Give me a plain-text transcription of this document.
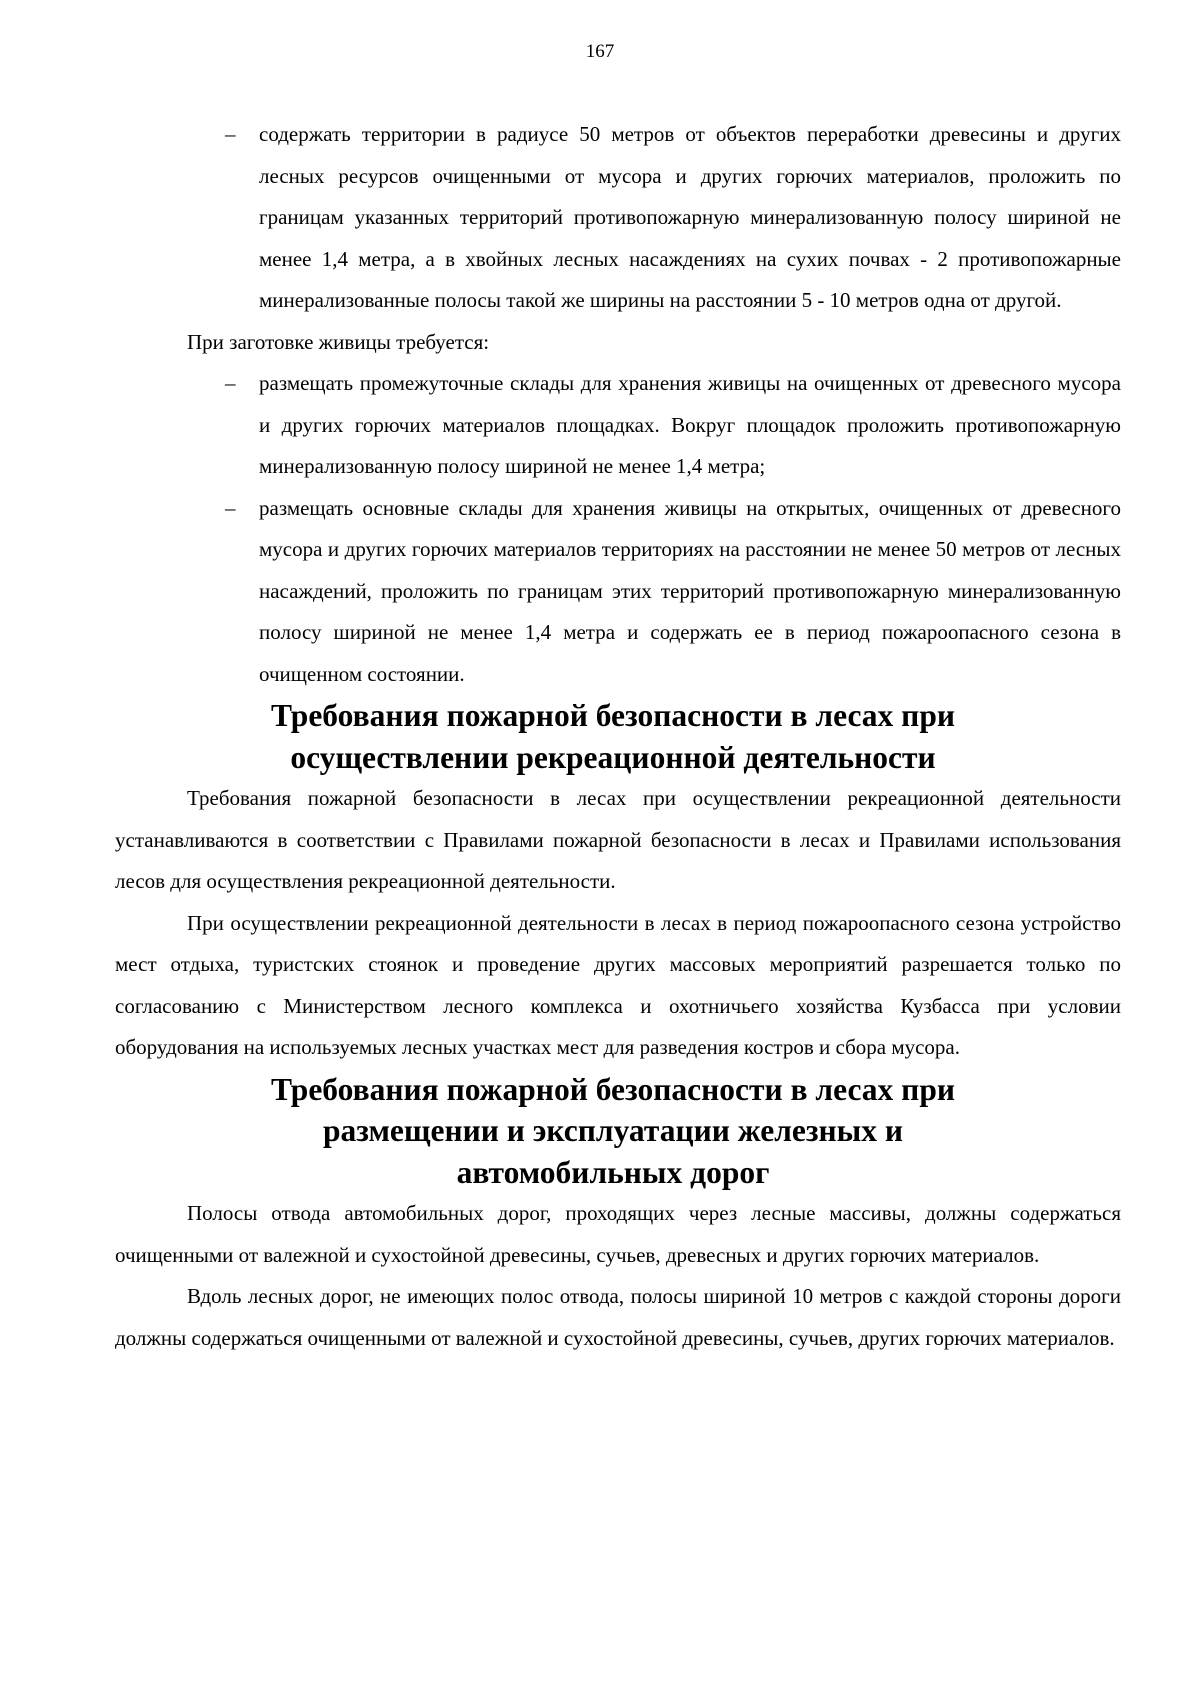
167
– содержать территории в радиусе 50 метров от объектов переработки древесины и других лесных ресурсов очищенными от мусора и других горючих материалов, проложить по границам указанных территорий противопожарную минерализованную полосу шириной не менее 1,4 метра, а в хвойных лесных насаждениях на сухих почвах - 2 противопожарные минерализованные полосы такой же ширины на расстоянии 5 - 10 метров одна от другой.

При заготовке живицы требуется:

– размещать промежуточные склады для хранения живицы на очищенных от древесного мусора и других горючих материалов площадках. Вокруг площадок проложить противопожарную минерализованную полосу шириной не менее 1,4 метра;
– размещать основные склады для хранения живицы на открытых, очищенных от древесного мусора и других горючих материалов территориях на расстоянии не менее 50 метров от лесных насаждений, проложить по границам этих территорий противопожарную минерализованную полосу шириной не менее 1,4 метра и содержать ее в период пожароопасного сезона в очищенном состоянии.
Требования пожарной безопасности в лесах при осуществлении рекреационной деятельности

Требования пожарной безопасности в лесах при осуществлении рекреационной деятельности устанавливаются в соответствии с Правилами пожарной безопасности в лесах и Правилами использования лесов для осуществления рекреационной деятельности.

При осуществлении рекреационной деятельности в лесах в период пожароопасного сезона устройство мест отдыха, туристских стоянок и проведение других массовых мероприятий разрешается только по согласованию с Министерством лесного комплекса и охотничьего хозяйства Кузбасса при условии оборудования на используемых лесных участках мест для разведения костров и сбора мусора.

Требования пожарной безопасности в лесах при размещении и эксплуатации железных и автомобильных дорог

Полосы отвода автомобильных дорог, проходящих через лесные массивы, должны содержаться очищенными от валежной и сухостойной древесины, сучьев, древесных и других горючих материалов.

Вдоль лесных дорог, не имеющих полос отвода, полосы шириной 10 метров с каждой стороны дороги должны содержаться очищенными от валежной и сухостойной древесины, сучьев, других горючих материалов.
